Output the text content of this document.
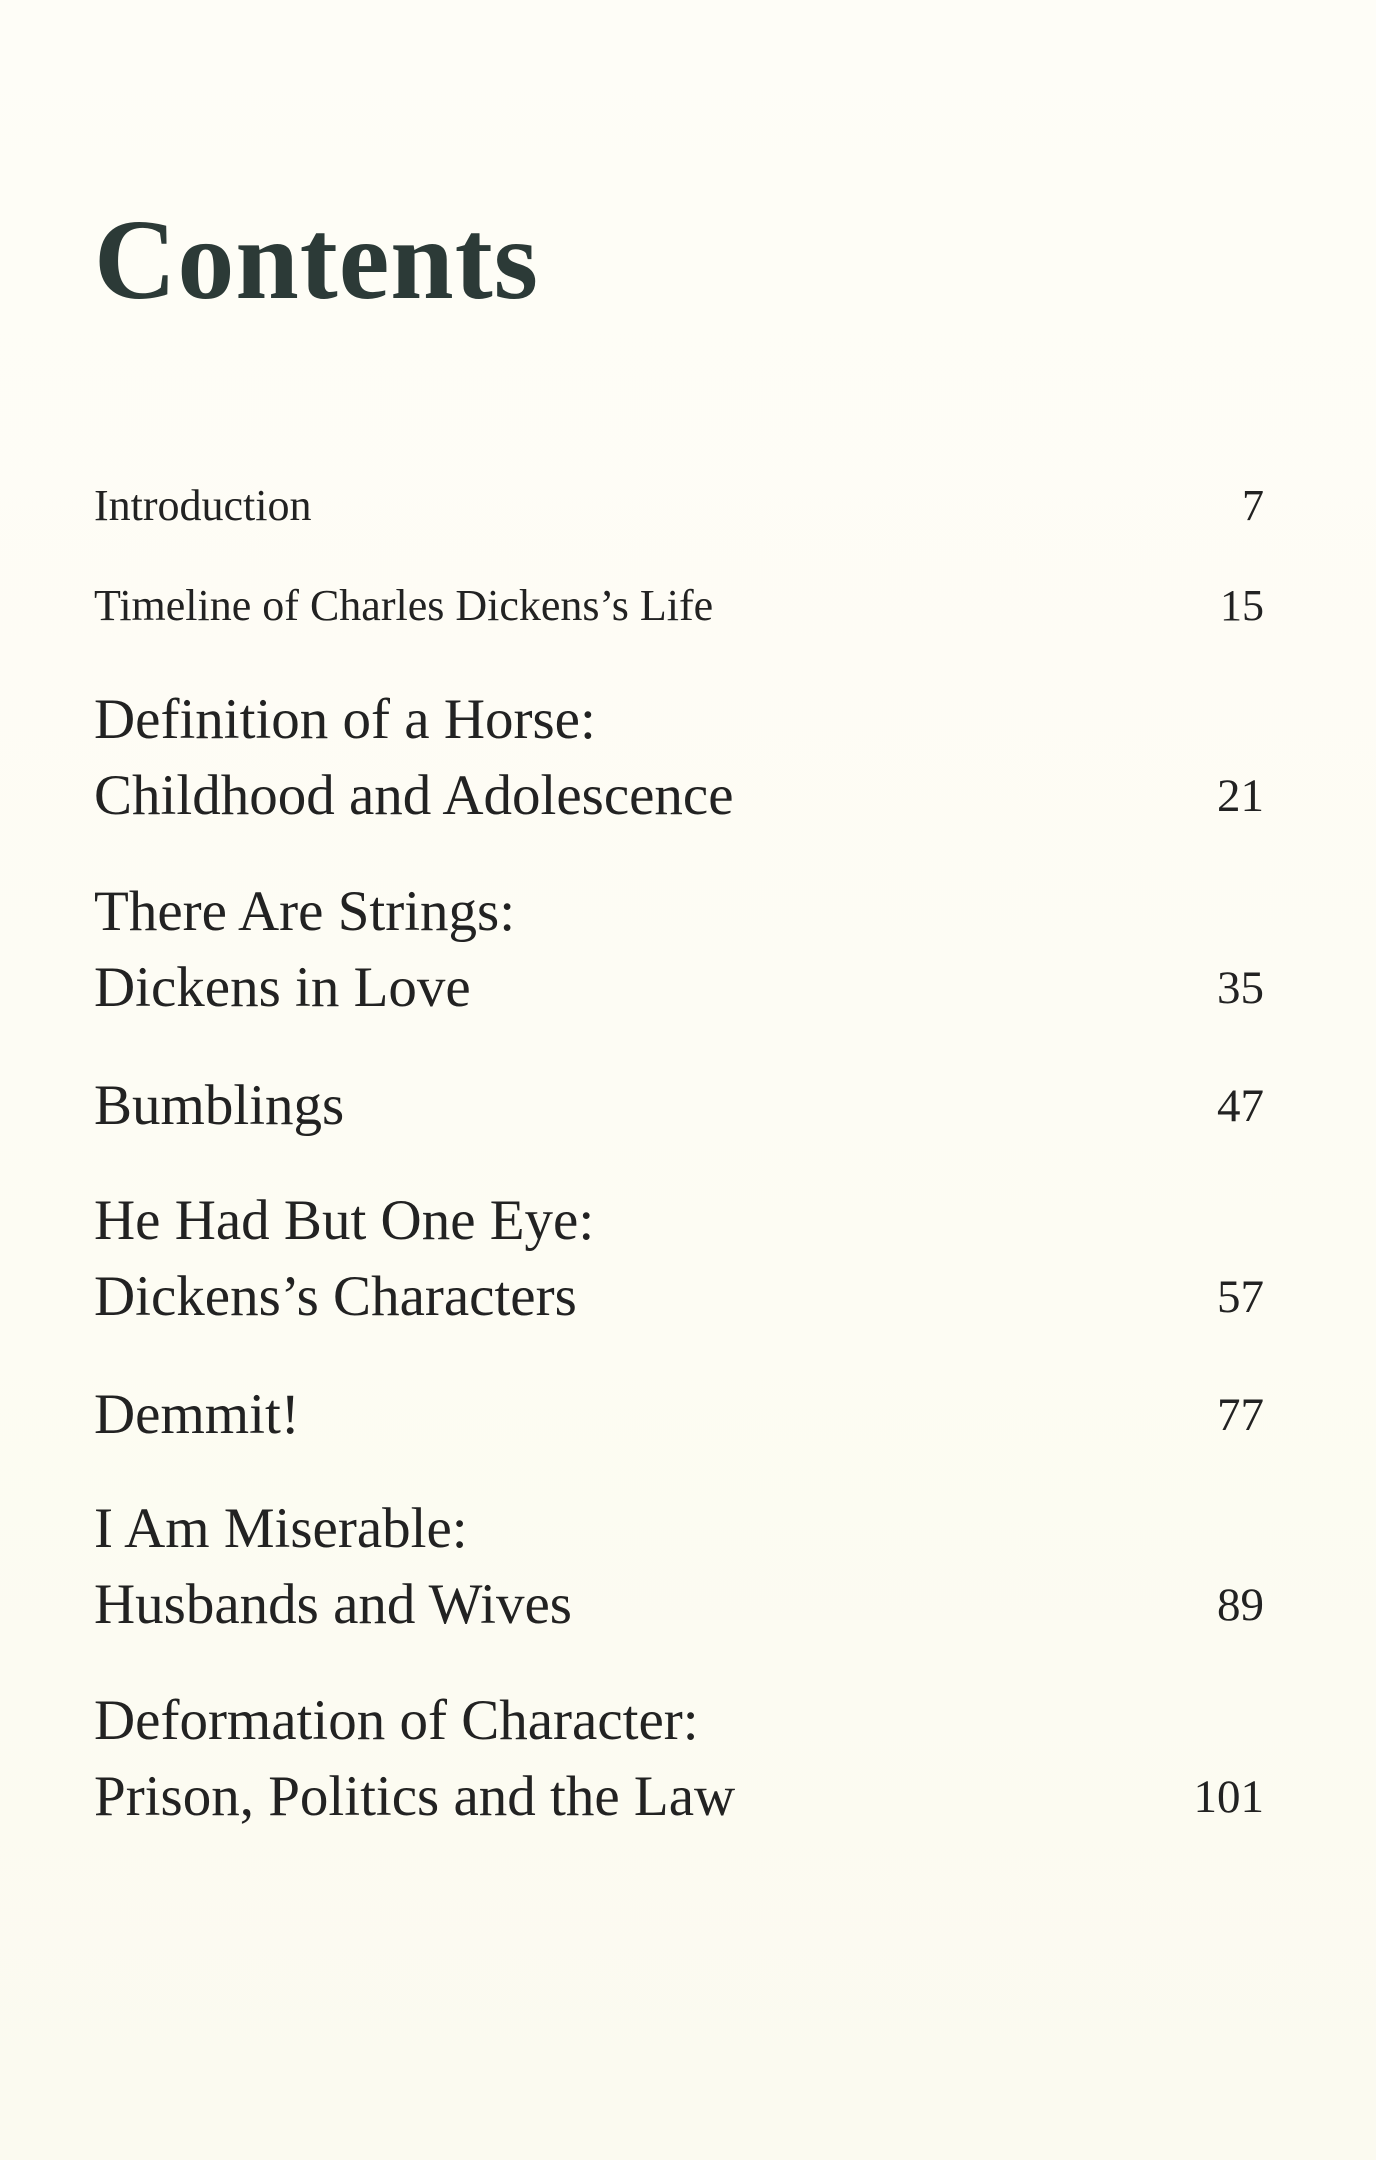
Contents
Introduction	7
Timeline of Charles Dickens’s Life	15
Definition of a Horse:
Childhood and Adolescence	21
There Are Strings:
Dickens in Love	35
Bumblings	47
He Had But One Eye:
Dickens’s Characters	57
Demmit!	77
I Am Miserable:
Husbands and Wives	89
Deformation of Character:
Prison, Politics and the Law	101
